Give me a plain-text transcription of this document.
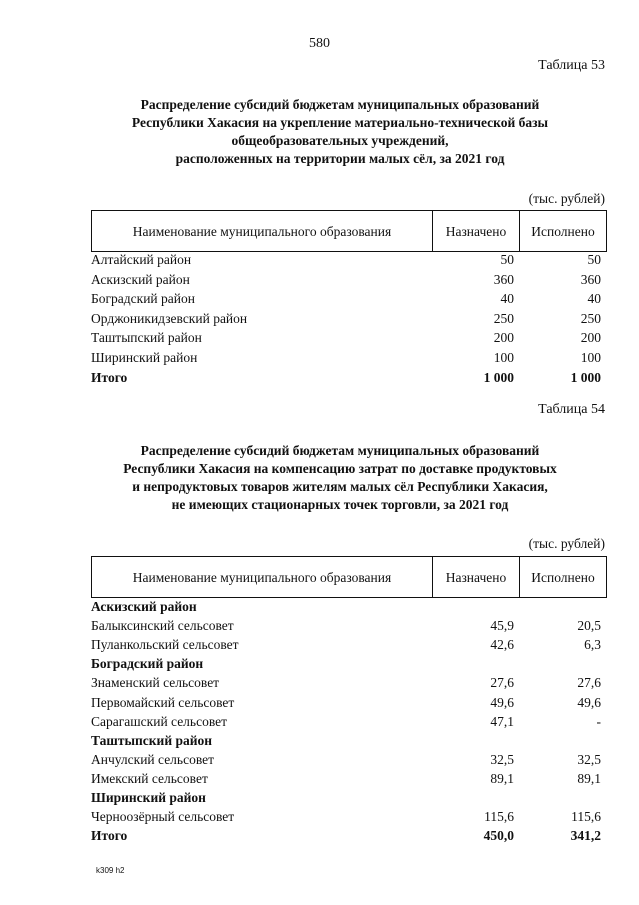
580
Таблица 53
Распределение субсидий бюджетам муниципальных образований
Республики Хакасия на укрепление материально-технической базы
общеобразовательных учреждений,
расположенных на территории малых сёл, за 2021 год
(тыс. рублей)
Наименование муниципального образования	Назначено	Исполнено
Алтайский район	50	50
Аскизский район	360	360
Боградский район	40	40
Орджоникидзевский район	250	250
Таштыпский район	200	200
Ширинский район	100	100
Итого	1 000	1 000
Таблица 54
Распределение субсидий бюджетам муниципальных образований
Республики Хакасия на компенсацию затрат по доставке продуктовых
и непродуктовых товаров жителям малых сёл Республики Хакасия,
не имеющих стационарных точек торговли, за 2021 год
(тыс. рублей)
Наименование муниципального образования	Назначено	Исполнено
Аскизский район
Балыксинский сельсовет	45,9	20,5
Пуланкольский сельсовет	42,6	6,3
Боградский район
Знаменский сельсовет	27,6	27,6
Первомайский сельсовет	49,6	49,6
Сарагашский сельсовет	47,1	-
Таштыпский район
Анчулский сельсовет	32,5	32,5
Имекский сельсовет	89,1	89,1
Ширинский район
Черноозёрный сельсовет	115,6	115,6
Итого	450,0	341,2
k309 h2
